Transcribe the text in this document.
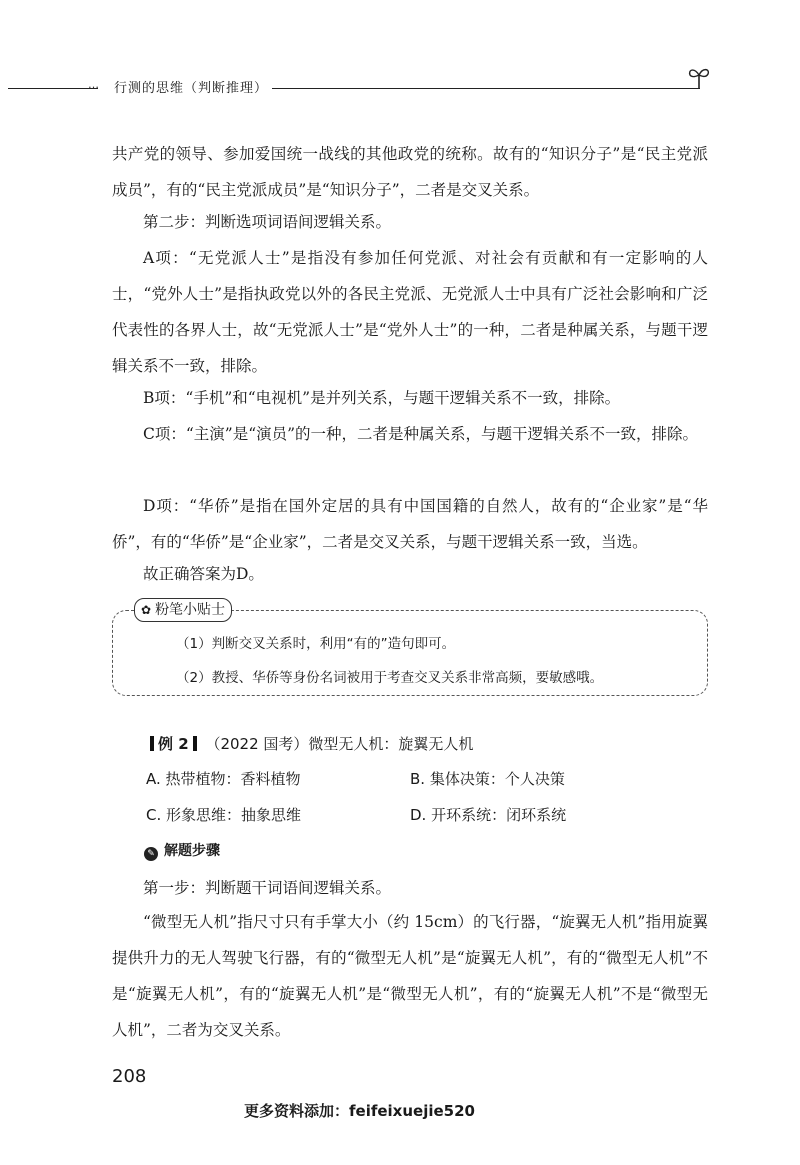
… 行测的思维（判断推理）
共产党的领导、参加爱国统一战线的其他政党的统称。故有的“知识分子”是“民主党派成员”，有的“民主党派成员”是“知识分子”，二者是交叉关系。
第二步：判断选项词语间逻辑关系。
A项：“无党派人士”是指没有参加任何党派、对社会有贡献和有一定影响的人士，“党外人士”是指执政党以外的各民主党派、无党派人士中具有广泛社会影响和广泛代表性的各界人士，故“无党派人士”是“党外人士”的一种，二者是种属关系，与题干逻辑关系不一致，排除。
B项：“手机”和“电视机”是并列关系，与题干逻辑关系不一致，排除。
C项：“主演”是“演员”的一种，二者是种属关系，与题干逻辑关系不一致，排除。
D项：“华侨”是指在国外定居的具有中国国籍的自然人，故有的“企业家”是“华侨”，有的“华侨”是“企业家”，二者是交叉关系，与题干逻辑关系一致，当选。
故正确答案为D。
✿ 粉笔小贴士
（1）判断交叉关系时，利用“有的”造句即可。
（2）教授、华侨等身份名词被用于考查交叉关系非常高频，要敏感哦。
例 2 （2022 国考）微型无人机：旋翼无人机
A. 热带植物：香料植物	B. 集体决策：个人决策
C. 形象思维：抽象思维	D. 开环系统：闭环系统
✎ 解题步骤
第一步：判断题干词语间逻辑关系。
“微型无人机”指尺寸只有手掌大小（约 15cm）的飞行器，“旋翼无人机”指用旋翼提供升力的无人驾驶飞行器，有的“微型无人机”是“旋翼无人机”，有的“微型无人机”不是“旋翼无人机”，有的“旋翼无人机”是“微型无人机”，有的“旋翼无人机”不是“微型无人机”，二者为交叉关系。
208
更多资料添加：feifeixuejie520
